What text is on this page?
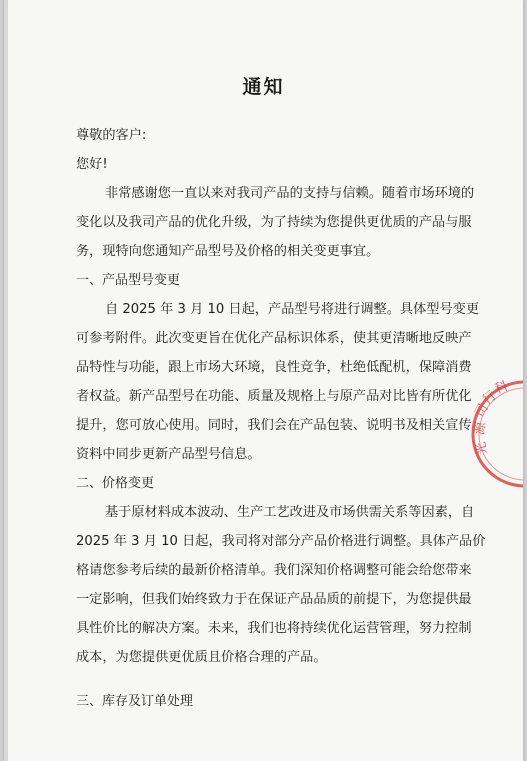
通知
尊敬的客户:
您好!
非常感谢您一直以来对我司产品的支持与信赖。随着市场环境的
变化以及我司产品的优化升级，为了持续为您提供更优质的产品与服
务，现特向您通知产品型号及价格的相关变更事宜。
一、产品型号变更
自 2025 年 3 月 10 日起，产品型号将进行调整。具体型号变更
可参考附件。此次变更旨在优化产品标识体系，使其更清晰地反映产
品特性与功能，跟上市场大环境，良性竞争，杜绝低配机，保障消费
者权益。新产品型号在功能、质量及规格上与原产品对比皆有所优化
提升，您可放心使用。同时，我们会在产品包装、说明书及相关宣传
资料中同步更新产品型号信息。
二、价格变更
基于原材料成本波动、生产工艺改进及市场供需关系等因素，自
2025 年 3 月 10 日起，我司将对部分产品价格进行调整。具体产品价
格请您参考后续的最新价格清单。我们深知价格调整可能会给您带来
一定影响，但我们始终致力于在保证产品品质的前提下，为您提供最
具性价比的解决方案。未来，我们也将持续优化运营管理，努力控制
成本，为您提供更优质且价格合理的产品。
三、库存及订单处理
司
源
光
行
科
